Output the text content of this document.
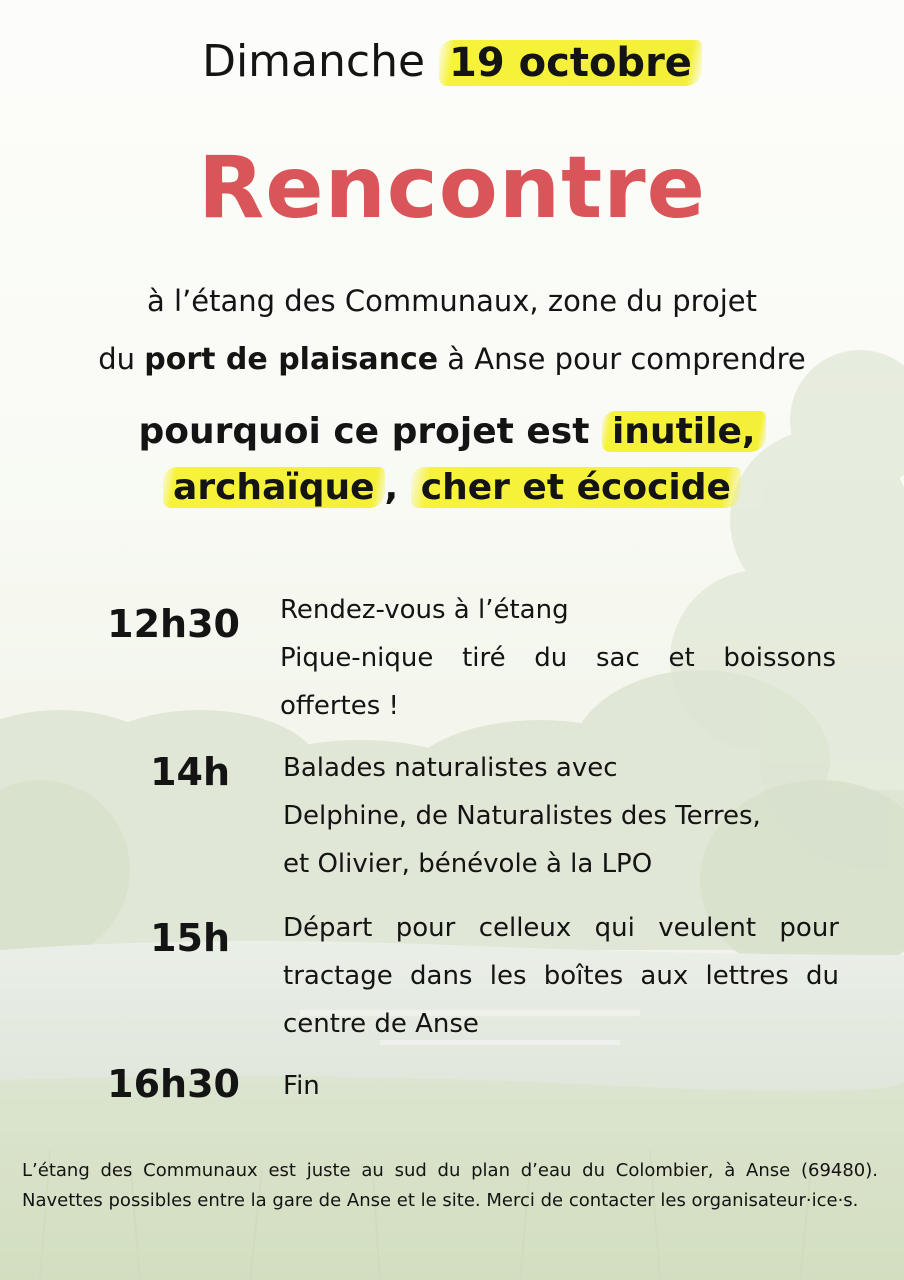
Dimanche 19 octobre
Rencontre
à l’étang des Communaux, zone du projet
du port de plaisance à Anse pour comprendre
pourquoi ce projet est inutile,
archaïque , cher et écocide
12h30 Rendez-vous à l’étang
Pique-nique tiré du sac et boissons offertes !
14h Balades naturalistes avec
Delphine, de Naturalistes des Terres,
et Olivier, bénévole à la LPO
15h Départ pour celleux qui veulent pour tractage dans les boîtes aux lettres du centre de Anse
16h30 Fin
L’étang des Communaux est juste au sud du plan d’eau du Colombier, à Anse (69480). Navettes possibles entre la gare de Anse et le site. Merci de contacter les organisateur·ice·s.
